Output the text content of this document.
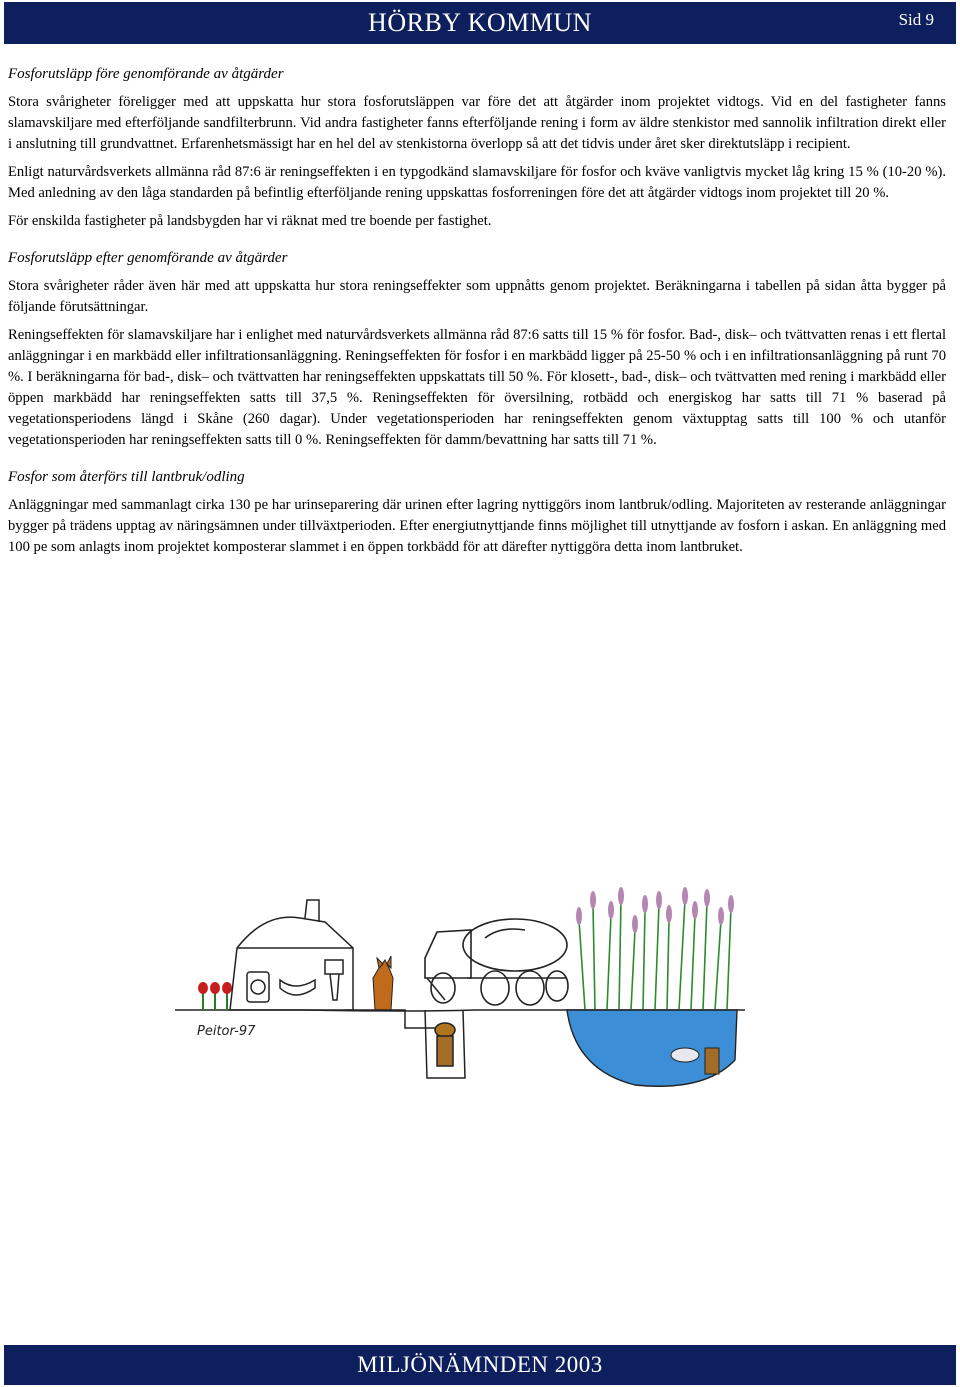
HÖRBY KOMMUN	Sid 9
Fosforutsläpp före genomförande av åtgärder

Stora svårigheter föreligger med att uppskatta hur stora fosforutsläppen var före det att åtgärder inom projektet vidtogs. Vid en del fastigheter fanns slamavskiljare med efterföljande sandfilterbrunn. Vid andra fastigheter fanns efterföljande rening i form av äldre stenkistor med sannolik infiltration direkt eller i anslutning till grundvattnet. Erfarenhetsmässigt har en hel del av stenkistorna överlopp så att det tidvis under året sker direktutsläpp i recipient.

Enligt naturvårdsverkets allmänna råd 87:6 är reningseffekten i en typgodkänd slamavskiljare för fosfor och kväve vanligtvis mycket låg kring 15 % (10-20 %). Med anledning av den låga standarden på befintlig efterföljande rening uppskattas fosforreningen före det att åtgärder vidtogs inom projektet till 20 %.

För enskilda fastigheter på landsbygden har vi räknat med tre boende per fastighet.

Fosforutsläpp efter genomförande av åtgärder

Stora svårigheter råder även här med att uppskatta hur stora reningseffekter som uppnåtts genom projektet. Beräkningarna i tabellen på sidan åtta bygger på följande förutsättningar.

Reningseffekten för slamavskiljare har i enlighet med naturvårdsverkets allmänna råd 87:6 satts till 15 % för fosfor. Bad-, disk– och tvättvatten renas i ett flertal anläggningar i en markbädd eller infiltrationsanläggning. Reningseffekten för fosfor i en markbädd ligger på 25-50 % och i en infiltrationsanläggning på runt 70 %. I beräkningarna för bad-, disk– och tvättvatten har reningseffekten uppskattats till 50 %. För klosett-, bad-, disk– och tvättvatten med rening i markbädd eller öppen markbädd har reningseffekten satts till 37,5 %. Reningseffekten för översilning, rotbädd och energiskog har satts till 71 % baserad på vegetationsperiodens längd i Skåne (260 dagar). Under vegetationsperioden har reningseffekten genom växtupptag satts till 100 % och utanför vegetationsperioden har reningseffekten satts till 0 %. Reningseffekten för damm/bevattning har satts till 71 %.

Fosfor som återförs till lantbruk/odling

Anläggningar med sammanlagt cirka 130 pe har urinseparering där urinen efter lagring nyttiggörs inom lantbruk/odling. Majoriteten av resterande anläggningar bygger på trädens upptag av näringsämnen under tillväxtperioden. Efter energiutnyttjande finns möjlighet till utnyttjande av fosforn i askan. En anläggning med 100 pe som anlagts inom projektet komposterar slammet i en öppen torkbädd för att därefter nyttiggöra detta inom lantbruket.

Peitor-97
MILJÖNÄMNDEN 2003
